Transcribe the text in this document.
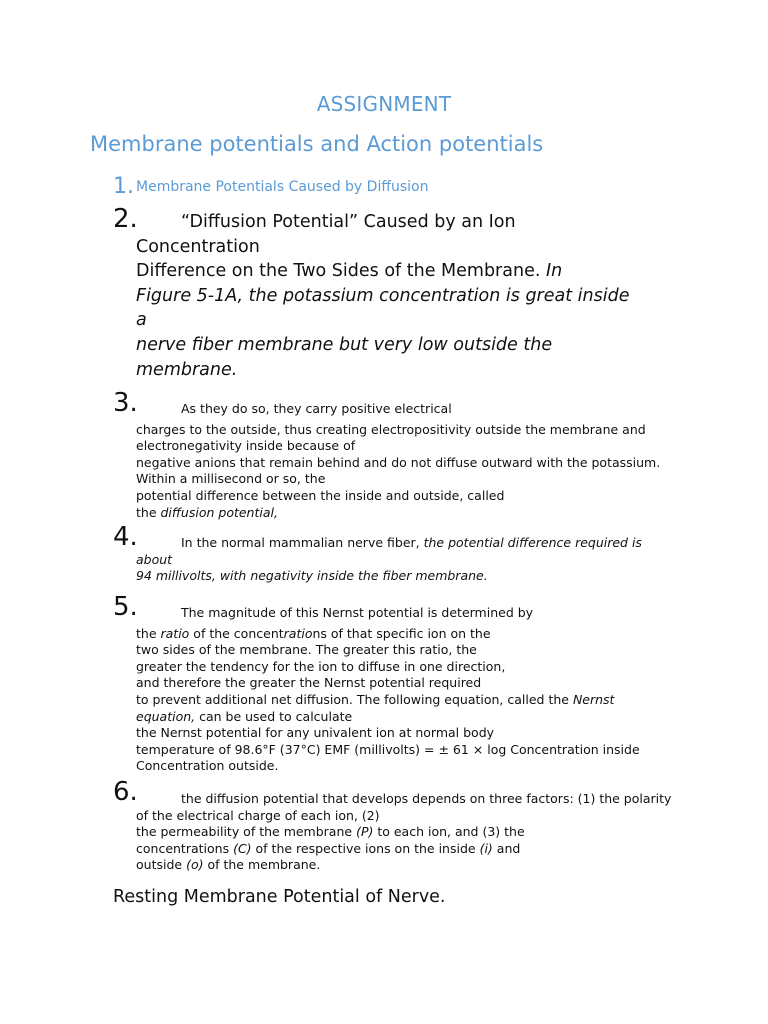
ASSIGNMENT
Membrane potentials and Action potentials
1. Membrane Potentials Caused by Diffusion
2.	“Diffusion Potential” Caused by an Ion
Concentration
Difference on the Two Sides of the Membrane. In
Figure 5-1A, the potassium concentration is great inside
a
nerve fiber membrane but very low outside the
membrane.
3.	As they do so, they carry positive electrical
charges to the outside, thus creating electropositivity outside the membrane and
electronegativity inside because of
negative anions that remain behind and do not diffuse outward with the potassium.
Within a millisecond or so, the
potential difference between the inside and outside, called
the diffusion potential,
4.	In the normal mammalian nerve fiber, the potential difference required is
about
94 millivolts, with negativity inside the fiber membrane.
5.	The magnitude of this Nernst potential is determined by
the ratio of the concentrations of that specific ion on the
two sides of the membrane. The greater this ratio, the
greater the tendency for the ion to diffuse in one direction,
and therefore the greater the Nernst potential required
to prevent additional net diffusion. The following equation, called the Nernst
equation, can be used to calculate
the Nernst potential for any univalent ion at normal body
temperature of 98.6°F (37°C) EMF (millivolts) = ± 61 × log Concentration inside
Concentration outside.
6.	the diffusion potential that develops depends on three factors: (1) the polarity
of the electrical charge of each ion, (2)
the permeability of the membrane (P) to each ion, and (3) the
concentrations (C) of the respective ions on the inside (i) and
outside (o) of the membrane.
Resting Membrane Potential of Nerve.
